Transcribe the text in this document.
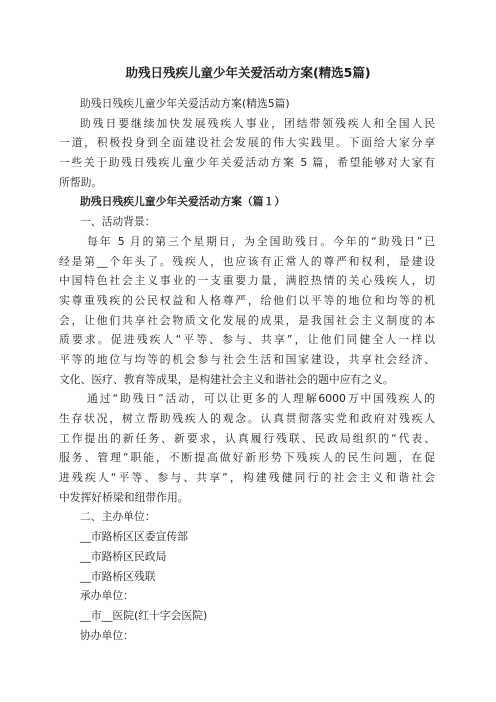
助残日残疾儿童少年关爱活动方案(精选5篇)
助残日残疾儿童少年关爱活动方案(精选5篇)
助残日要继续加快发展残疾人事业，团结带领残疾人和全国人民
一道，积极投身到全面建设社会发展的伟大实践里。下面给大家分享
一些关于助残日残疾儿童少年关爱活动方案 5 篇，希望能够对大家有
所帮助。
助残日残疾儿童少年关爱活动方案（篇１）
一、活动背景：
每年 5 月的第三个星期日，为全国助残日。今年的“助残日”已
经是第__个年头了。残疾人，也应该有正常人的尊严和权利，是建设
中国特色社会主义事业的一支重要力量，满腔热情的关心残疾人，切
实尊重残疾的公民权益和人格尊严，给他们以平等的地位和均等的机
会，让他们共享社会物质文化发展的成果，是我国社会主义制度的本
质要求。促进残疾人“平等、参与、共享”，让他们同健全人一样以
平等的地位与均等的机会参与社会生活和国家建设，共享社会经济、
文化、医疗、教育等成果，是构建社会主义和谐社会的题中应有之义。
通过“助残日”活动，可以让更多的人理解6000万中国残疾人的
生存状况，树立帮助残疾人的观念。认真贯彻落实党和政府对残疾人
工作提出的新任务、新要求，认真履行残联、民政局组织的“代表、
服务、管理”职能，不断提高做好新形势下残疾人的民生问题，在促
进残疾人“平等、参与、共享”，构建残健同行的社会主义和谐社会
中发挥好桥梁和纽带作用。
二、主办单位：
__市路桥区区委宣传部
__市路桥区民政局
__市路桥区残联
承办单位：
__市__医院(红十字会医院)
协办单位：
